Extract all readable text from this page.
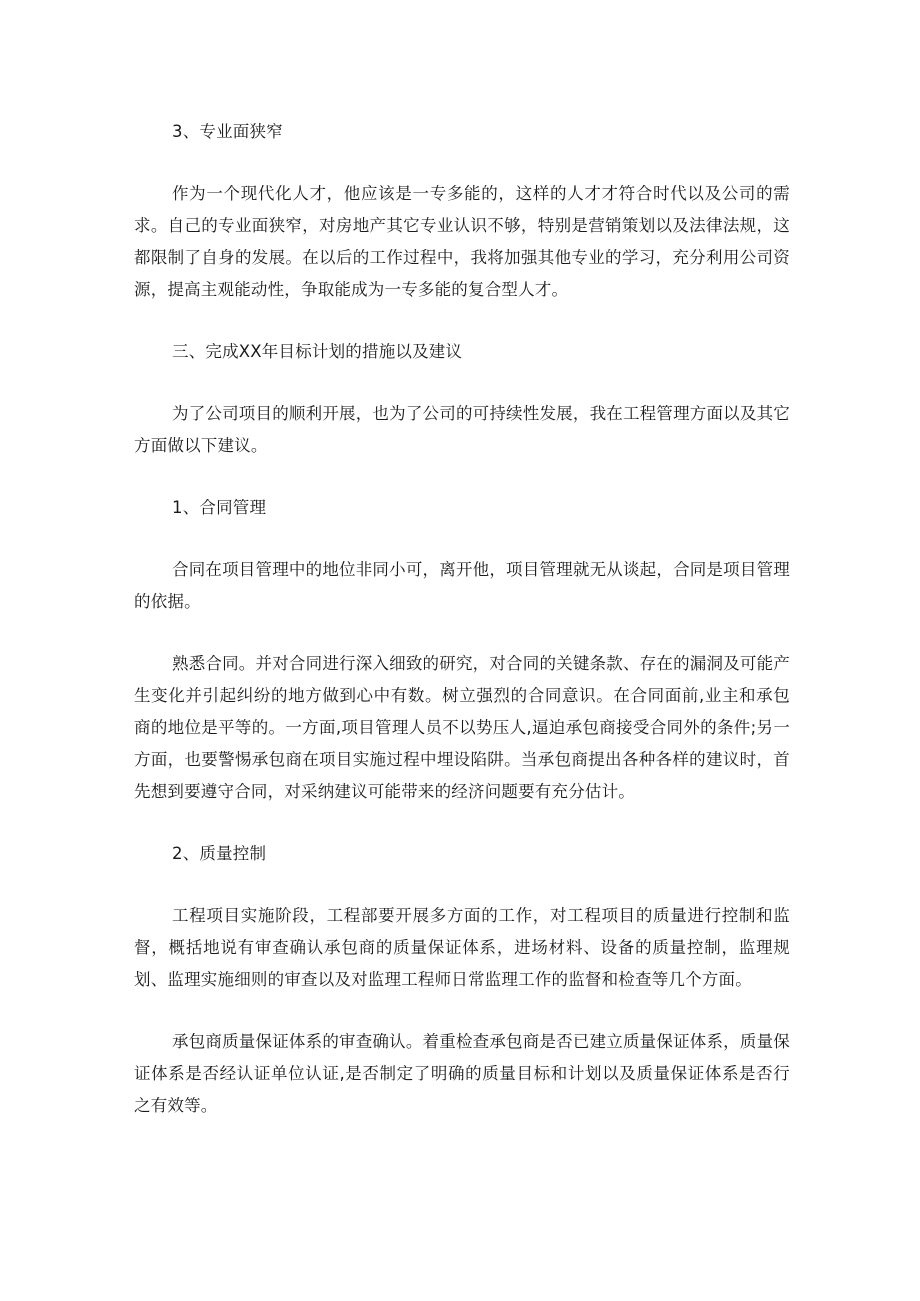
3、专业面狭窄

作为一个现代化人才，他应该是一专多能的，这样的人才才符合时代以及公司的需求。自己的专业面狭窄，对房地产其它专业认识不够，特别是营销策划以及法律法规，这都限制了自身的发展。在以后的工作过程中，我将加强其他专业的学习，充分利用公司资源，提高主观能动性，争取能成为一专多能的复合型人才。

三、完成XX年目标计划的措施以及建议

为了公司项目的顺利开展，也为了公司的可持续性发展，我在工程管理方面以及其它方面做以下建议。

1、合同管理

合同在项目管理中的地位非同小可，离开他，项目管理就无从谈起，合同是项目管理的依据。

熟悉合同。并对合同进行深入细致的研究，对合同的关键条款、存在的漏洞及可能产生变化并引起纠纷的地方做到心中有数。树立强烈的合同意识。在合同面前,业主和承包商的地位是平等的。一方面,项目管理人员不以势压人,逼迫承包商接受合同外的条件;另一方面，也要警惕承包商在项目实施过程中埋设陷阱。当承包商提出各种各样的建议时，首先想到要遵守合同，对采纳建议可能带来的经济问题要有充分估计。

2、质量控制

工程项目实施阶段，工程部要开展多方面的工作，对工程项目的质量进行控制和监督，概括地说有审查确认承包商的质量保证体系，进场材料、设备的质量控制，监理规划、监理实施细则的审查以及对监理工程师日常监理工作的监督和检查等几个方面。

承包商质量保证体系的审查确认。着重检查承包商是否已建立质量保证体系，质量保证体系是否经认证单位认证,是否制定了明确的质量目标和计划以及质量保证体系是否行之有效等。
